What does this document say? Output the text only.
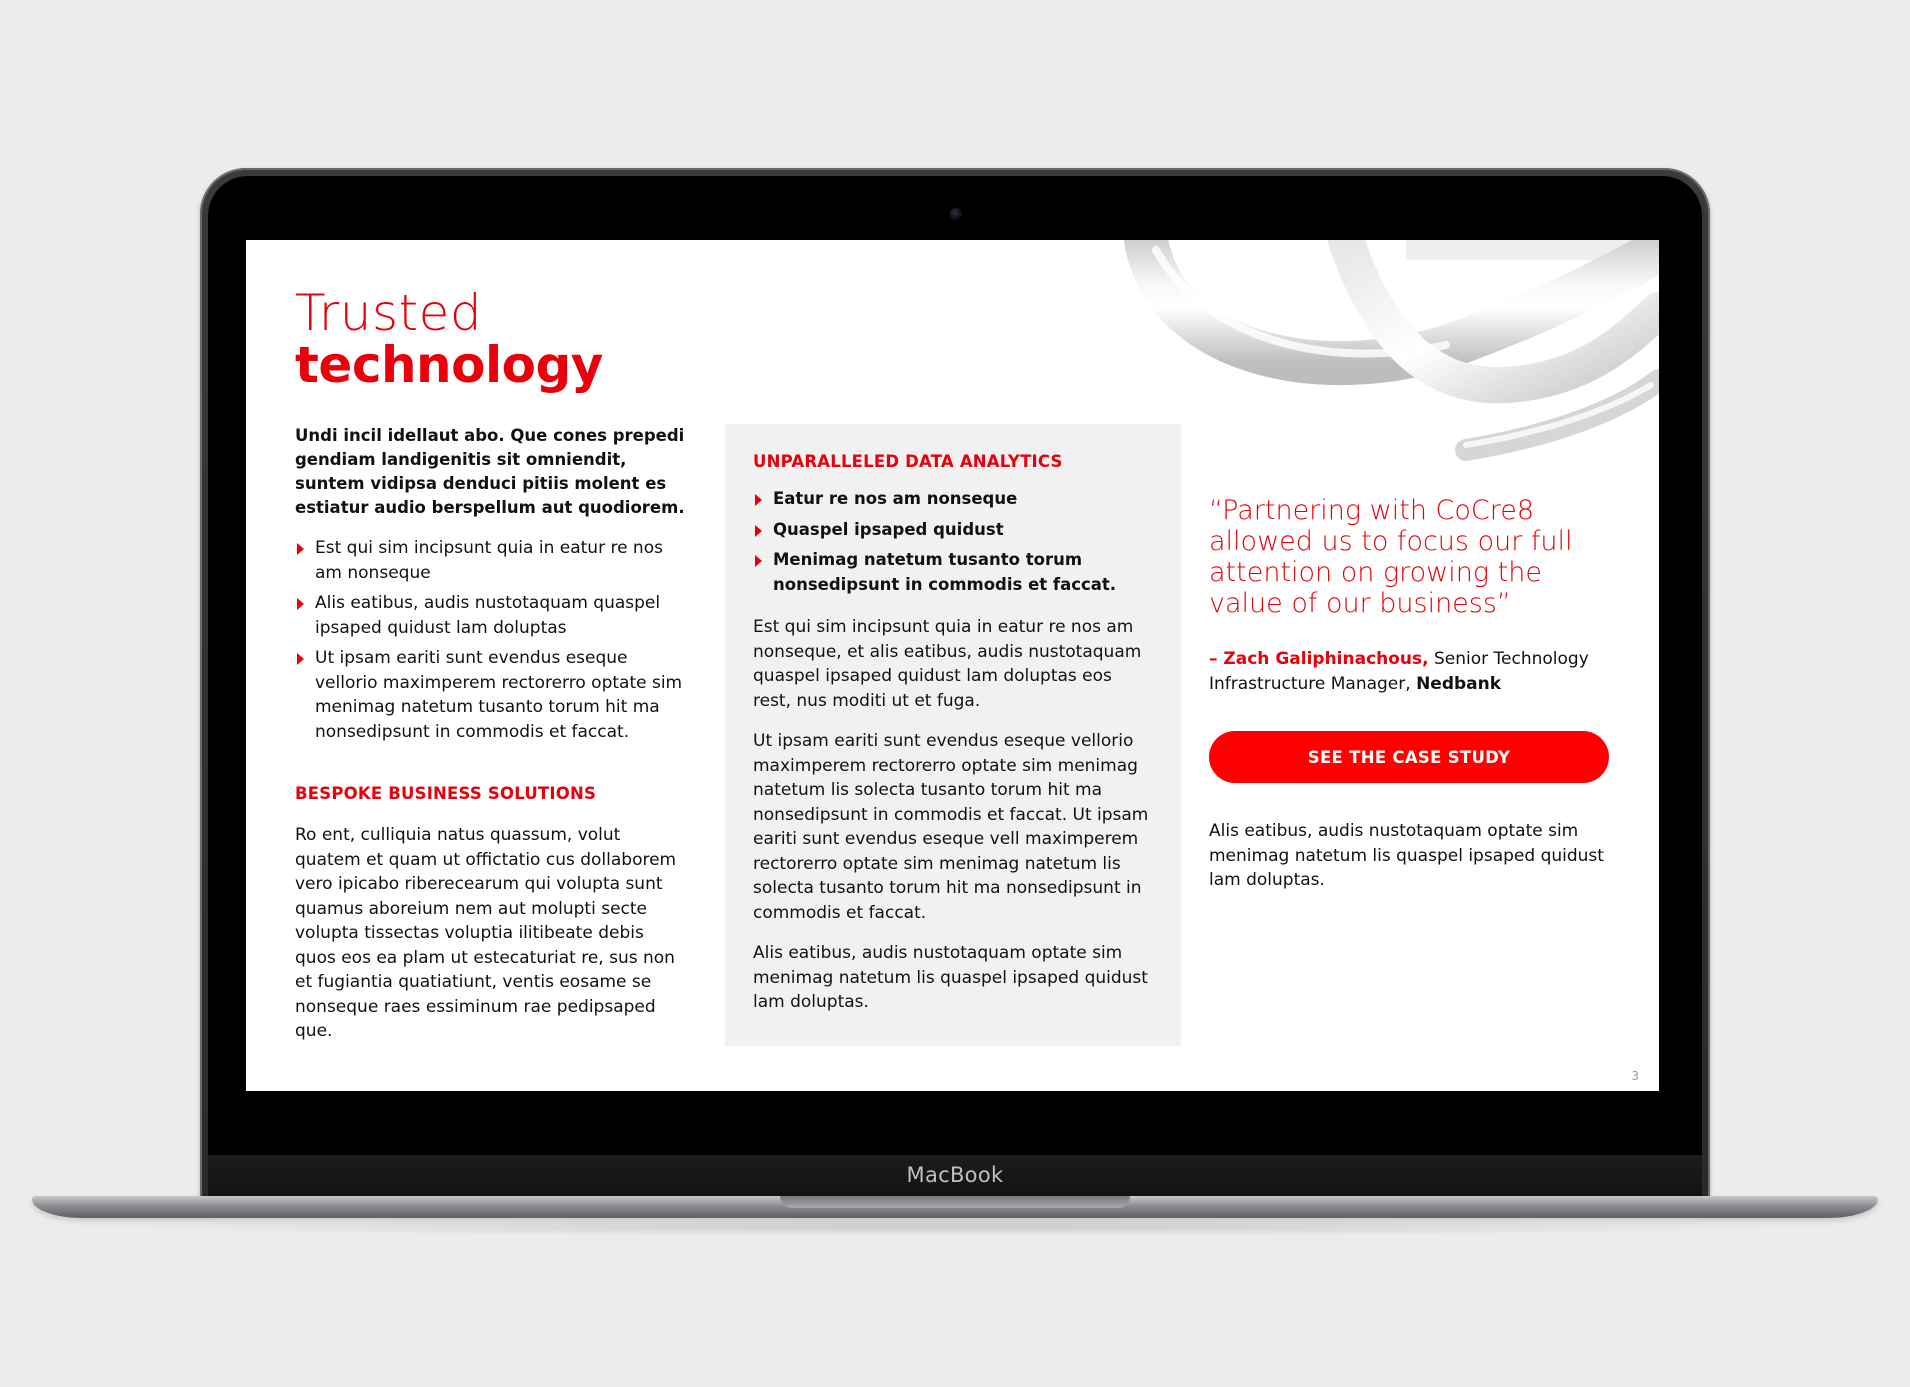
MacBook
Trusted
technology

Undi incil idellaut abo. Que cones prepedi gendiam landigenitis sit omniendit, suntem vidipsa denduci pitiis molent es estiatur audio berspellum aut quodiorem.

Est qui sim incipsunt quia in eatur re nos am nonseque
Alis eatibus, audis nustotaquam quaspel ipsaped quidust lam doluptas
Ut ipsam eariti sunt evendus eseque vellorio maximperem rectorerro optate sim menimag natetum tusanto torum hit ma nonsedipsunt in commodis et faccat.
BESPOKE BUSINESS SOLUTIONS

Ro ent, culliquia natus quassum, volut quatem et quam ut offictatio cus dollaborem vero ipicabo riberecearum qui volupta sunt quamus aboreium nem aut molupti secte volupta tissectas voluptia ilitibeate debis quos eos ea plam ut estecaturiat re, sus non et fugiantia quatiatiunt, ventis eosame se nonseque raes essiminum rae pedipsaped que.

UNPARALLELED DATA ANALYTICS
Eatur re nos am nonseque
Quaspel ipsaped quidust
Menimag natetum tusanto torum nonsedipsunt in commodis et faccat.

Est qui sim incipsunt quia in eatur re nos am nonseque, et alis eatibus, audis nustotaquam quaspel ipsaped quidust lam doluptas eos rest, nus moditi ut et fuga.

Ut ipsam eariti sunt evendus eseque vellorio maximperem rectorerro optate sim menimag natetum lis solecta tusanto torum hit ma nonsedipsunt in commodis et faccat. Ut ipsam eariti sunt evendus eseque vell maximperem rectorerro optate sim menimag natetum lis solecta tusanto torum hit ma nonsedipsunt in commodis et faccat.

Alis eatibus, audis nustotaquam optate sim menimag natetum lis quaspel ipsaped quidust lam doluptas.

“Partnering with CoCre8 allowed us to focus our full attention on growing the value of our business”

– Zach Galiphinachous, Senior Technology Infrastructure Manager, Nedbank

SEE THE CASE STUDY

Alis eatibus, audis nustotaquam optate sim menimag natetum lis quaspel ipsaped quidust lam doluptas.

3
